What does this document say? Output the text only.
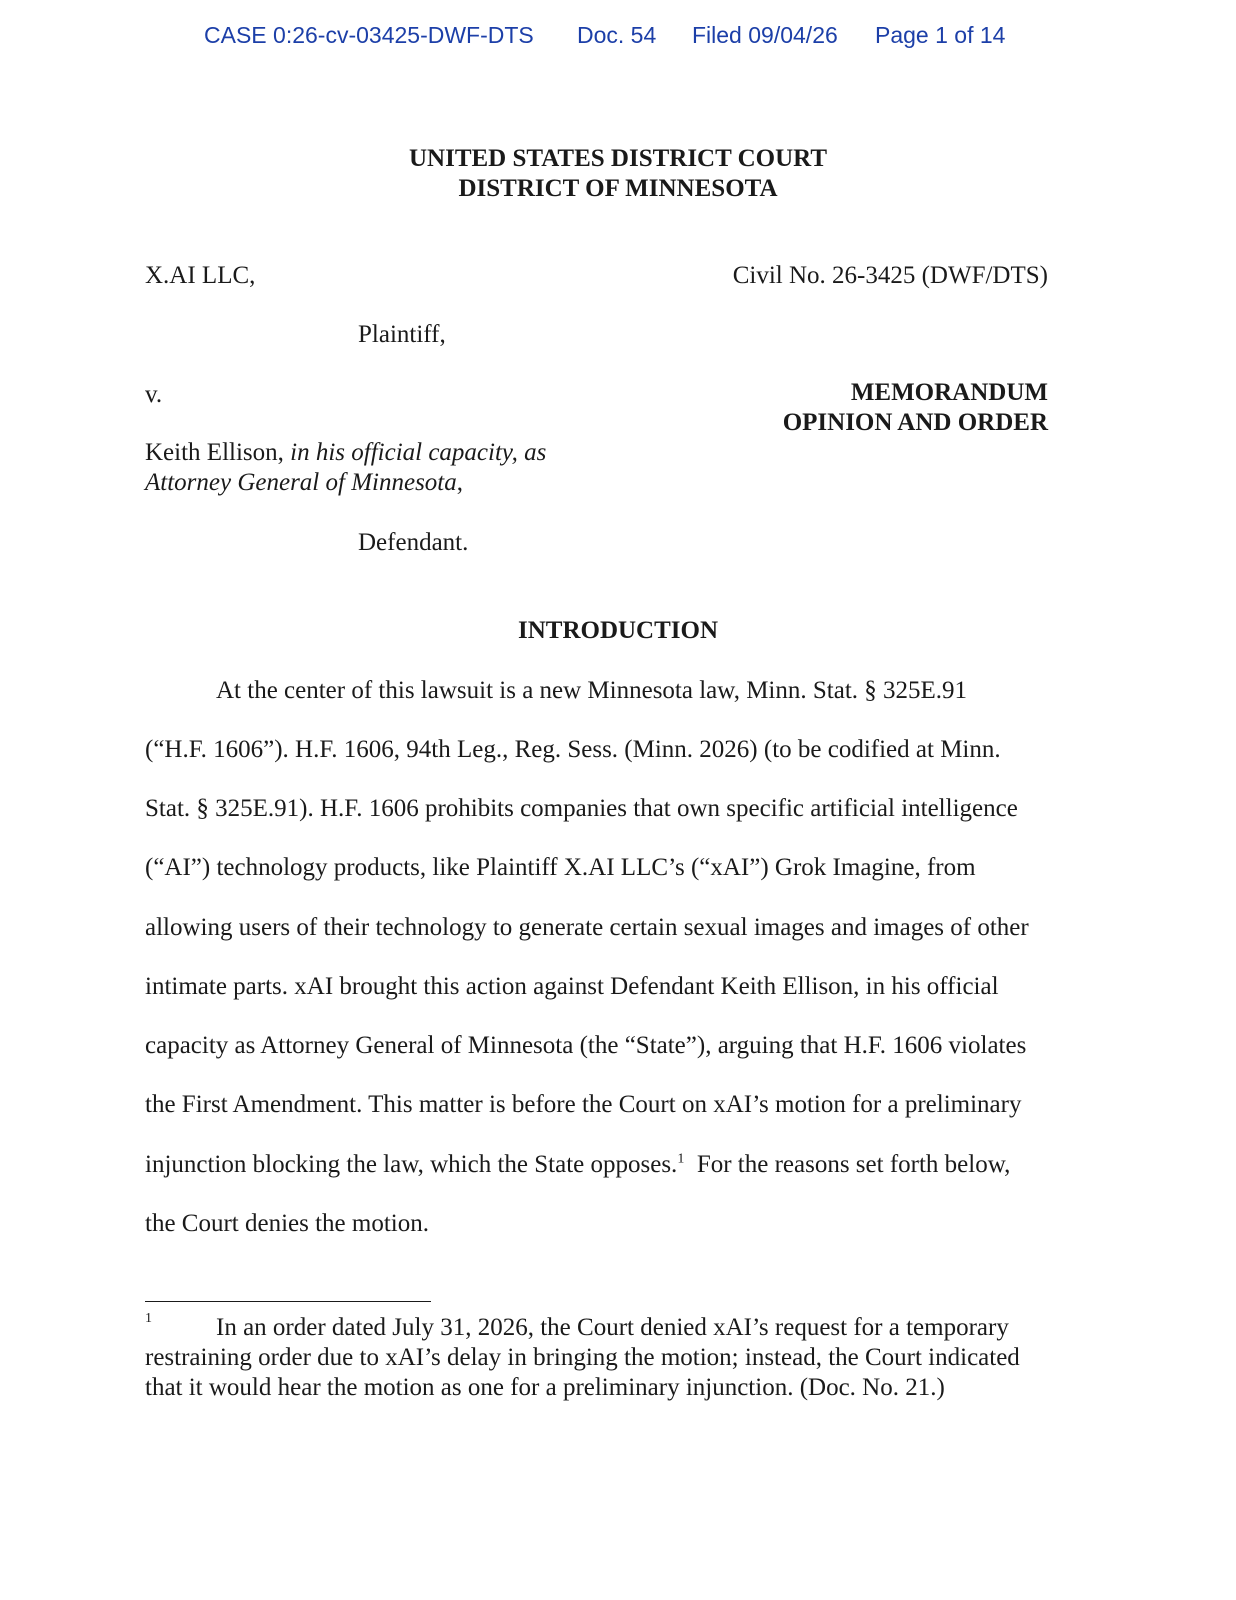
CASE 0:26-cv-03425-DWF-DTS Doc. 54 Filed 09/04/26 Page 1 of 14
UNITED STATES DISTRICT COURT
DISTRICT OF MINNESOTA
X.AI LLC,	Civil No. 26-3425 (DWF/DTS)
Plaintiff,
v.	MEMORANDUM
OPINION AND ORDER
Keith Ellison, in his official capacity, as
Attorney General of Minnesota,
Defendant.
INTRODUCTION
At the center of this lawsuit is a new Minnesota law, Minn. Stat. § 325E.91
(“H.F. 1606”). H.F. 1606, 94th Leg., Reg. Sess. (Minn. 2026) (to be codified at Minn.
Stat. § 325E.91). H.F. 1606 prohibits companies that own specific artificial intelligence
(“AI”) technology products, like Plaintiff X.AI LLC’s (“xAI”) Grok Imagine, from
allowing users of their technology to generate certain sexual images and images of other
intimate parts. xAI brought this action against Defendant Keith Ellison, in his official
capacity as Attorney General of Minnesota (the “State”), arguing that H.F. 1606 violates
the First Amendment. This matter is before the Court on xAI’s motion for a preliminary
injunction blocking the law, which the State opposes.$^1$  For the reasons set forth below,
the Court denies the motion.
1	In an order dated July 31, 2026, the Court denied xAI’s request for a temporary
restraining order due to xAI’s delay in bringing the motion; instead, the Court indicated
that it would hear the motion as one for a preliminary injunction. (Doc. No. 21.)
